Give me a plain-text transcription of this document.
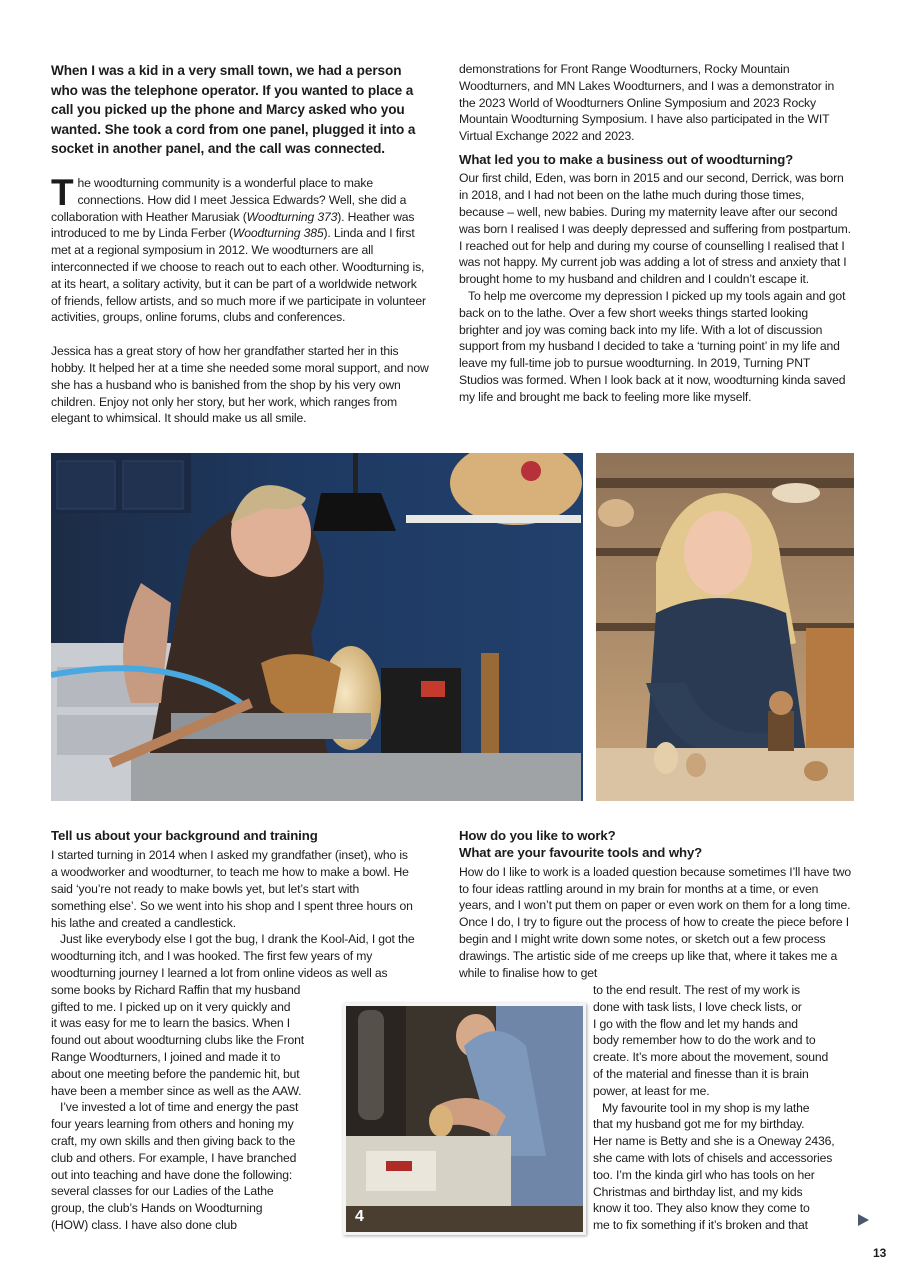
When I was a kid in a very small town, we had a person who was the telephone operator. If you wanted to place a call you picked up the phone and Marcy asked who you wanted. She took a cord from one panel, plugged it into a socket in another panel, and the call was connected.

The woodturning community is a wonderful place to make connections. How did I meet Jessica Edwards? Well, she did a collaboration with Heather Marusiak (Woodturning 373). Heather was introduced to me by Linda Ferber (Woodturning 385). Linda and I first met at a regional symposium in 2012. We woodturners are all interconnected if we choose to reach out to each other. Woodturning is, at its heart, a solitary activity, but it can be part of a worldwide network of friends, fellow artists, and so much more if we participate in volunteer activities, groups, online forums, clubs and conferences.

Jessica has a great story of how her grandfather started her in this hobby. It helped her at a time she needed some moral support, and now she has a husband who is banished from the shop by his very own children. Enjoy not only her story, but her work, which ranges from elegant to whimsical. It should make us all smile.

demonstrations for Front Range Woodturners, Rocky Mountain Woodturners, and MN Lakes Woodturners, and I was a demonstrator in the 2023 World of Woodturners Online Symposium and 2023 Rocky Mountain Woodturning Symposium. I have also participated in the WIT Virtual Exchange 2022 and 2023.

What led you to make a business out of woodturning?

Our first child, Eden, was born in 2015 and our second, Derrick, was born in 2018, and I had not been on the lathe much during those times, because – well, new babies. During my maternity leave after our second was born I realised I was deeply depressed and suffering from postpartum. I reached out for help and during my course of counselling I realised that I was not happy. My current job was adding a lot of stress and anxiety that I brought home to my husband and children and I couldn’t escape it.

To help me overcome my depression I picked up my tools again and got back on to the lathe. Over a few short weeks things started looking brighter and joy was coming back into my life. With a lot of discussion support from my husband I decided to take a ‘turning point’ in my life and leave my full-time job to pursue woodturning. In 2019, Turning PNT Studios was formed. When I look back at it now, woodturning kinda saved my life and brought me back to feeling more like myself.

Tell us about your background and training

I started turning in 2014 when I asked my grandfather (inset), who is a woodworker and woodturner, to teach me how to make a bowl. He said ‘you’re not ready to make bowls yet, but let’s start with something else’. So we went into his shop and I spent three hours on his lathe and created a candlestick.

Just like everybody else I got the bug, I drank the Kool-Aid, I got the woodturning itch, and I was hooked. The first few years of my woodturning journey I learned a lot from online videos as well as

some books by Richard Raffin that my husband
gifted to me. I picked up on it very quickly and
it was easy for me to learn the basics. When I
found out about woodturning clubs like the Front
Range Woodturners, I joined and made it to
about one meeting before the pandemic hit, but
have been a member since as well as the AAW.

I’ve invested a lot of time and energy the past
four years learning from others and honing my
craft, my own skills and then giving back to the
club and others. For example, I have branched
out into teaching and have done the following:
several classes for our Ladies of the Lathe
group, the club’s Hands on Woodturning
(HOW) class. I have also done club

How do you like to work?
What are your favourite tools and why?

How do I like to work is a loaded question because sometimes I’ll have two to four ideas rattling around in my brain for months at a time, or even years, and I won’t put them on paper or even work on them for a long time. Once I do, I try to figure out the process of how to create the piece before I begin and I might write down some notes, or sketch out a few process drawings. The artistic side of me creeps up like that, where it takes me a while to finalise how to get

to the end result. The rest of my work is
done with task lists, I love check lists, or
I go with the flow and let my hands and
body remember how to do the work and to
create. It’s more about the movement, sound
of the material and finesse than it is brain
power, at least for me.

My favourite tool in my shop is my lathe
that my husband got me for my birthday.
Her name is Betty and she is a Oneway 2436,
she came with lots of chisels and accessories
too. I’m the kinda girl who has tools on her
Christmas and birthday list, and my kids
know it too. They also know they come to
me to fix something if it’s broken and that

4
13
